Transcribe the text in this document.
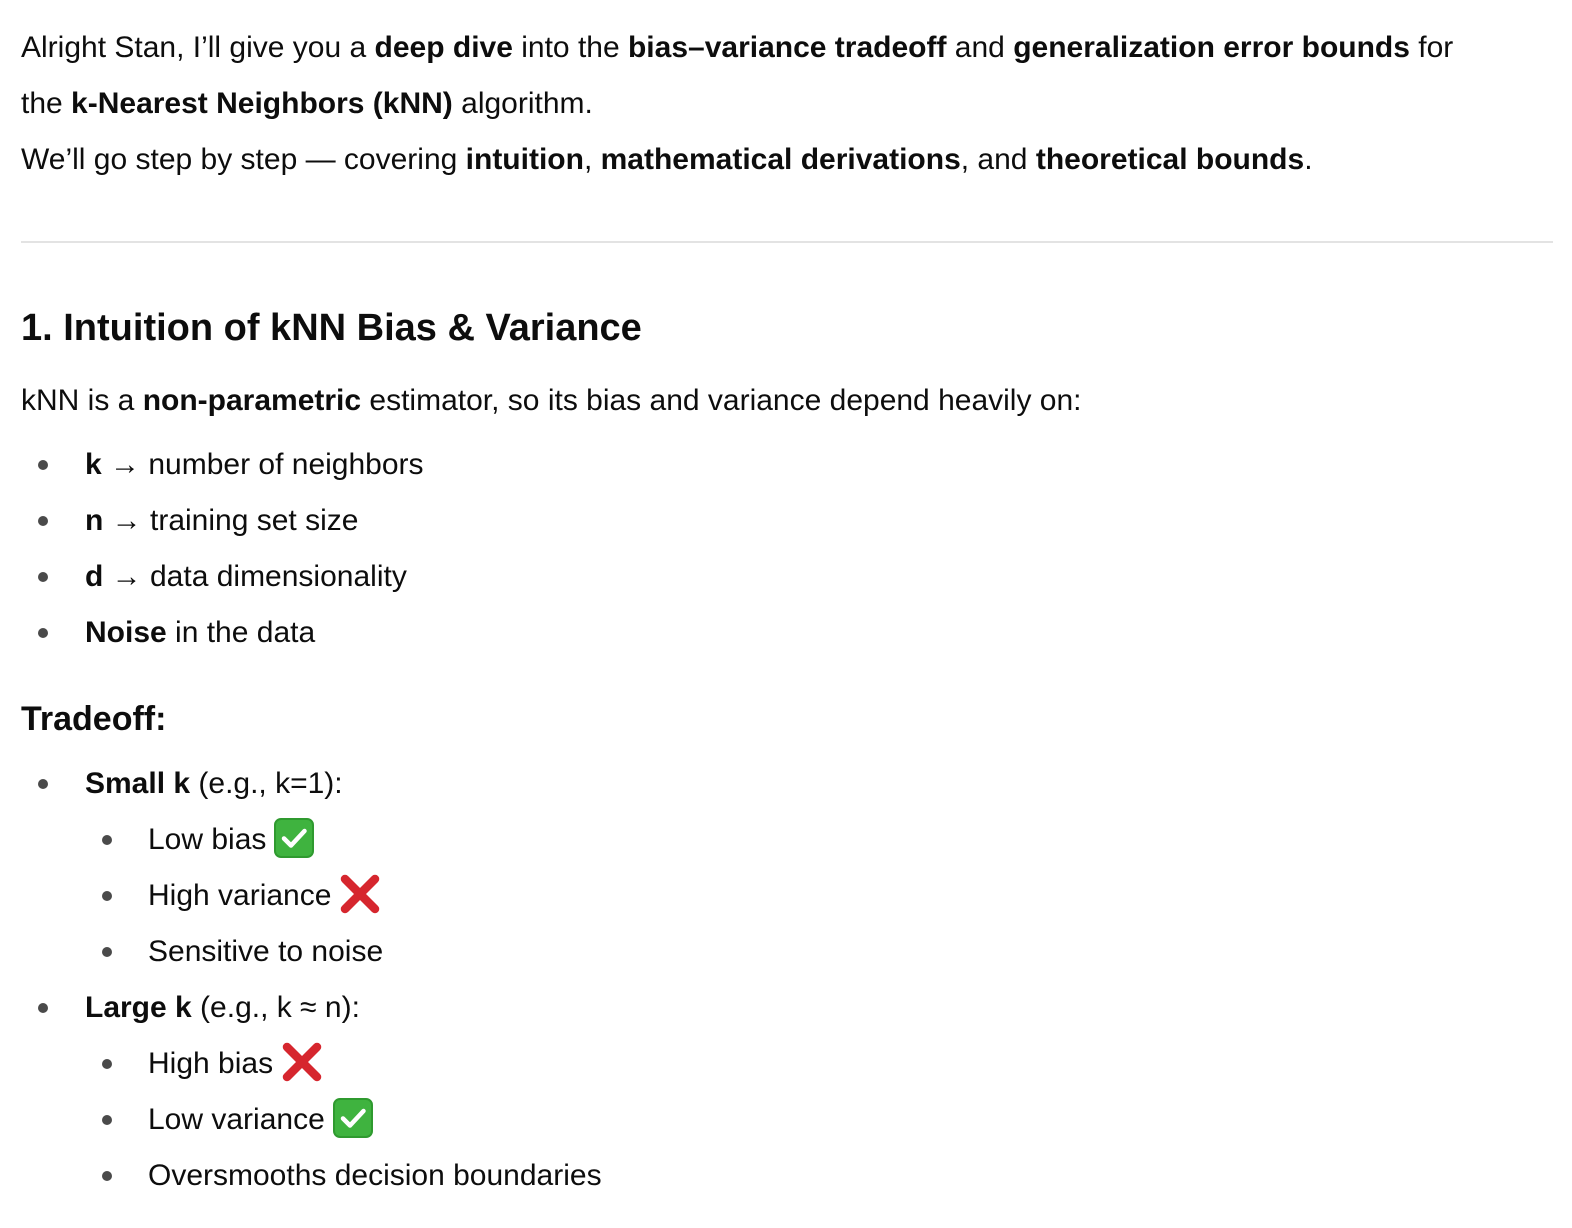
Alright Stan, I’ll give you a deep dive into the bias–variance tradeoff and generalization error bounds for

the k-Nearest Neighbors (kNN) algorithm.

We’ll go step by step — covering intuition, mathematical derivations, and theoretical bounds.

1. Intuition of kNN Bias & Variance

kNN is a non-parametric estimator, so its bias and variance depend heavily on:

k → number of neighbors
n → training set size
d → data dimensionality
Noise in the data
Tradeoff:
Small k (e.g., k=1):
Low bias
High variance
Sensitive to noise
Large k (e.g., k ≈ n):
High bias
Low variance
Oversmooths decision boundaries
